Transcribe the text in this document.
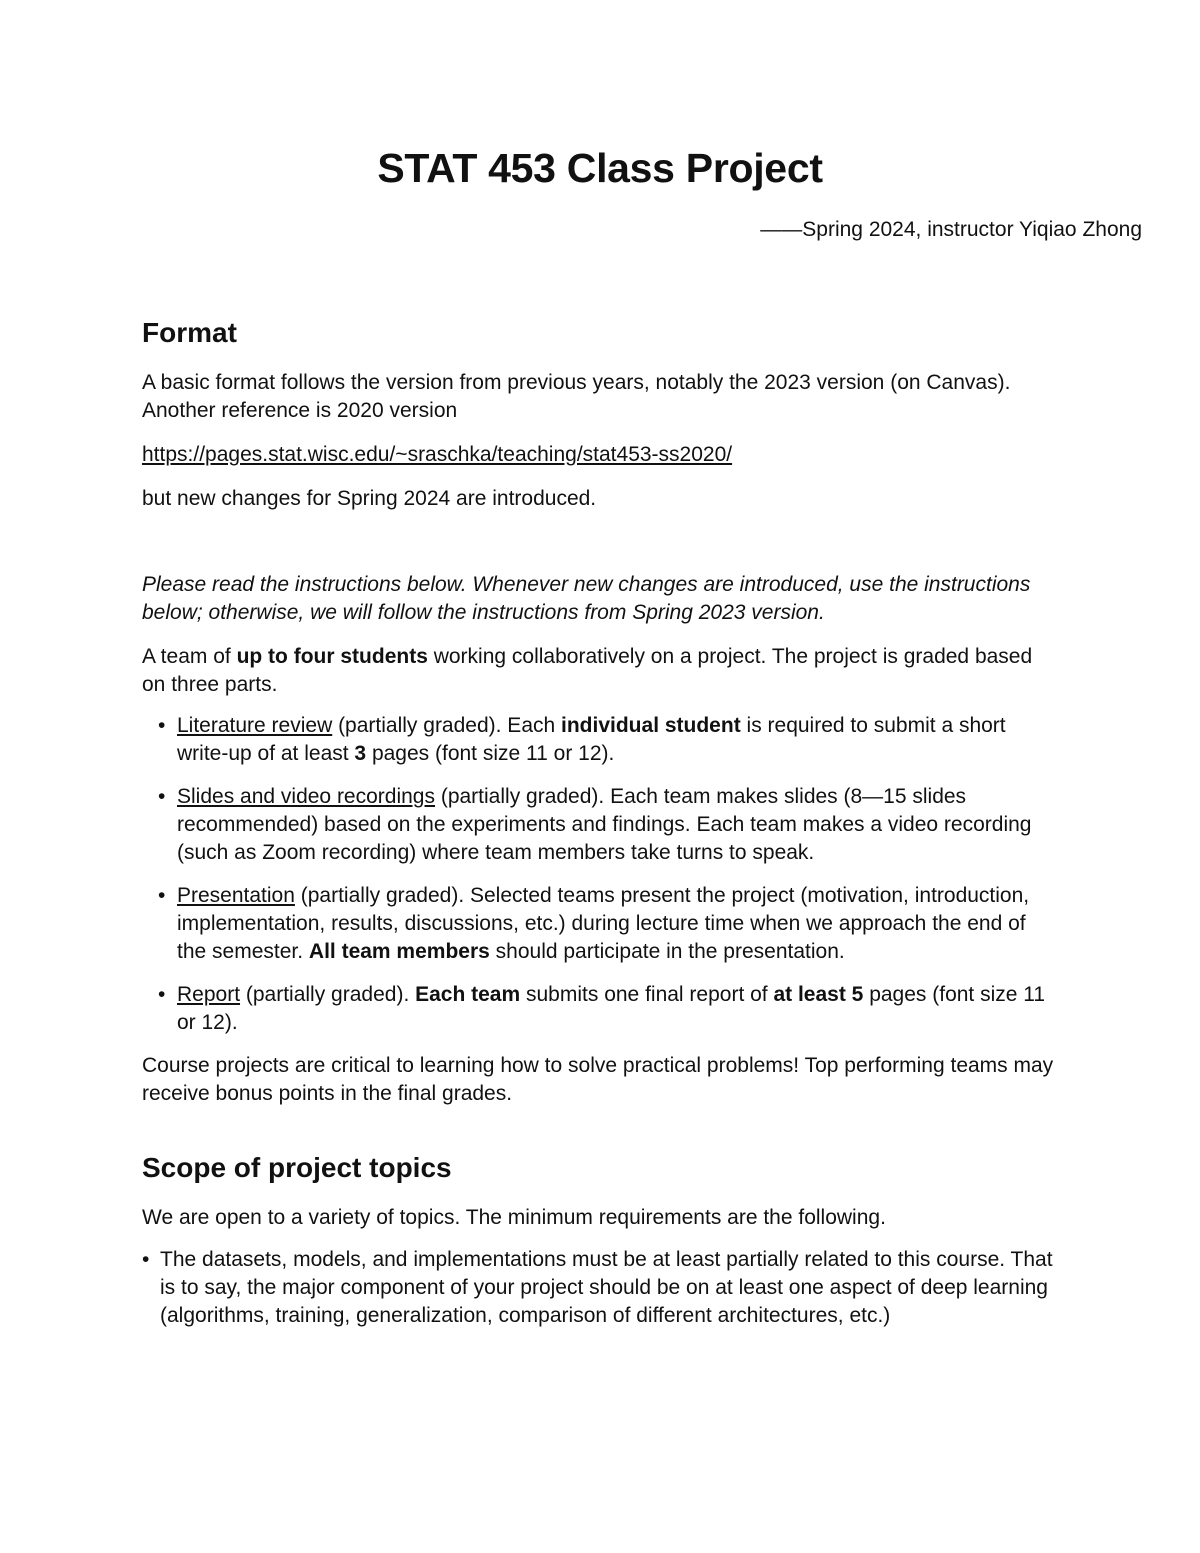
STAT 453 Class Project
——Spring 2024, instructor Yiqiao Zhong
Format

A basic format follows the version from previous years, notably the 2023 version (on Canvas). Another reference is 2020 version

https://pages.stat.wisc.edu/~sraschka/teaching/stat453-ss2020/

but new changes for Spring 2024 are introduced.

Please read the instructions below. Whenever new changes are introduced, use the instructions below; otherwise, we will follow the instructions from Spring 2023 version.

A team of up to four students working collaboratively on a project. The project is graded based on three parts.

• Literature review (partially graded). Each individual student is required to submit a short write-up of at least 3 pages (font size 11 or 12).
• Slides and video recordings (partially graded). Each team makes slides (8—15 slides recommended) based on the experiments and findings. Each team makes a video recording (such as Zoom recording) where team members take turns to speak.
• Presentation (partially graded). Selected teams present the project (motivation, introduction, implementation, results, discussions, etc.) during lecture time when we approach the end of the semester. All team members should participate in the presentation.
• Report (partially graded). Each team submits one final report of at least 5 pages (font size 11 or 12).

Course projects are critical to learning how to solve practical problems! Top performing teams may receive bonus points in the final grades.

Scope of project topics

We are open to a variety of topics. The minimum requirements are the following.

• The datasets, models, and implementations must be at least partially related to this course. That is to say, the major component of your project should be on at least one aspect of deep learning (algorithms, training, generalization, comparison of different architectures, etc.)
